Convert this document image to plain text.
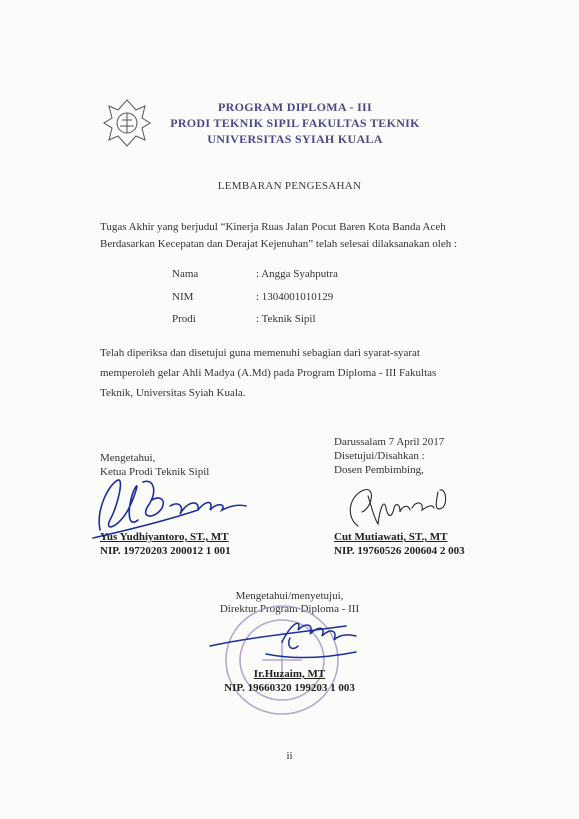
PROGRAM DIPLOMA - III
PRODI TEKNIK SIPIL FAKULTAS TEKNIK
UNIVERSITAS SYIAH KUALA
LEMBARAN PENGESAHAN
Tugas Akhir yang berjudul “Kinerja Ruas Jalan Pocut Baren Kota Banda Aceh
Berdasarkan Kecepatan dan Derajat Kejenuhan” telah selesai dilaksanakan oleh :
Nama	: Angga Syahputra
NIM	: 1304001010129
Prodi	: Teknik Sipil
Telah diperiksa dan disetujui guna memenuhi sebagian dari syarat-syarat
memperoleh gelar Ahli Madya (A.Md) pada Program Diploma - III Fakultas
Teknik, Universitas Syiah Kuala.
Darussalam 7 April 2017
Disetujui/Disahkan :
Dosen Pembimbing,
Mengetahui,
Ketua Prodi Teknik Sipil
Yus Yudhiyantoro, ST., MT
NIP. 19720203 200012 1 001
Cut Mutiawati, ST., MT
NIP. 19760526 200604 2 003
Mengetahui/menyetujui,
Direktur Program Diploma - III
Ir.Huzaim, MT
NIP. 19660320 199203 1 003
ii
